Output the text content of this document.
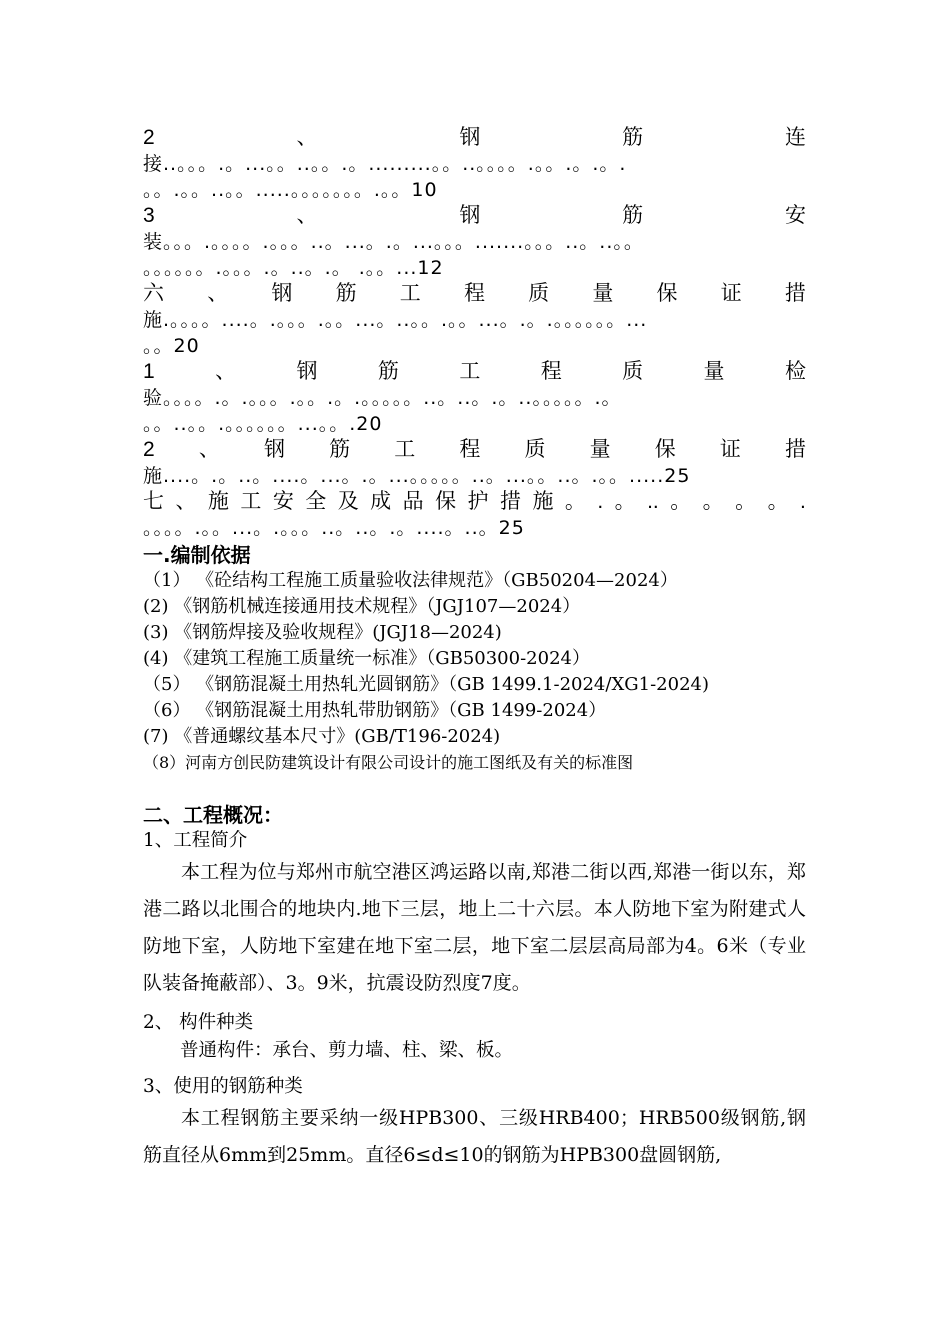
2	、	钢	筋	连
接..。。。.。...。。..。。.。.........。。..。。。。.。。.。.。.
。。.。。..。。.....。。。。。。。.。。10
3	、	钢	筋	安
装。。。.。。。。.。。。..。...。.。...。。。.......。。。..。..。。
。。。。。。.。。。.。..。.。 .。。...12
六 、 钢 筋 工 程 质 量 保 证 措
施.。。。。....。.。。。.。。...。..。。.。。...。.。.。。。。。。...
。。20
1	、	钢	筋	工	程	质	量	检
验。。。。.。.。。。.。。.。.。。。。。..。..。.。..。。。。。.。
。。..。。.。。。。。。...。。.20
2 、 钢 筋 工 程 质 量 保 证 措
施....。.。..。....。...。.。...。。。。。..。...。。..。.。。.....25
七 、 施 工 安 全 及 成 品 保 护 措 施 。 . 。 .. 。 。 。 。 .
。。。。.。。...。.。。。..。..。.。....。..。25
一.编制依据
（1） 《砼结构工程施工质量验收法律规范》（GB50204—2024）
(2) 《钢筋机械连接通用技术规程》（JGJ107—2024）
(3) 《钢筋焊接及验收规程》(JGJ18—2024)
(4) 《建筑工程施工质量统一标准》（GB50300-2024）
（5） 《钢筋混凝土用热轧光圆钢筋》（GB 1499.1-2024/XG1-2024)
（6） 《钢筋混凝土用热轧带肋钢筋》（GB 1499-2024）
(7) 《普通螺纹基本尺寸》(GB/T196-2024)
（8）河南方创民防建筑设计有限公司设计的施工图纸及有关的标准图
二、工程概况：
1、工程简介
本工程为位与郑州市航空港区鸿运路以南,郑港二街以西,郑港一街以东，郑港二路以北围合的地块内.地下三层，地上二十六层。本人防地下室为附建式人防地下室，人防地下室建在地下室二层，地下室二层层高局部为4。6米（专业队装备掩蔽部）、3。9米，抗震设防烈度7度。
2、 构件种类
普通构件：承台、剪力墙、柱、梁、板。
3、使用的钢筋种类
本工程钢筋主要采纳一级HPB300、三级HRB400；HRB500级钢筋,钢筋直径从6mm到25mm。直径6≤d≤10的钢筋为HPB300盘圆钢筋,
